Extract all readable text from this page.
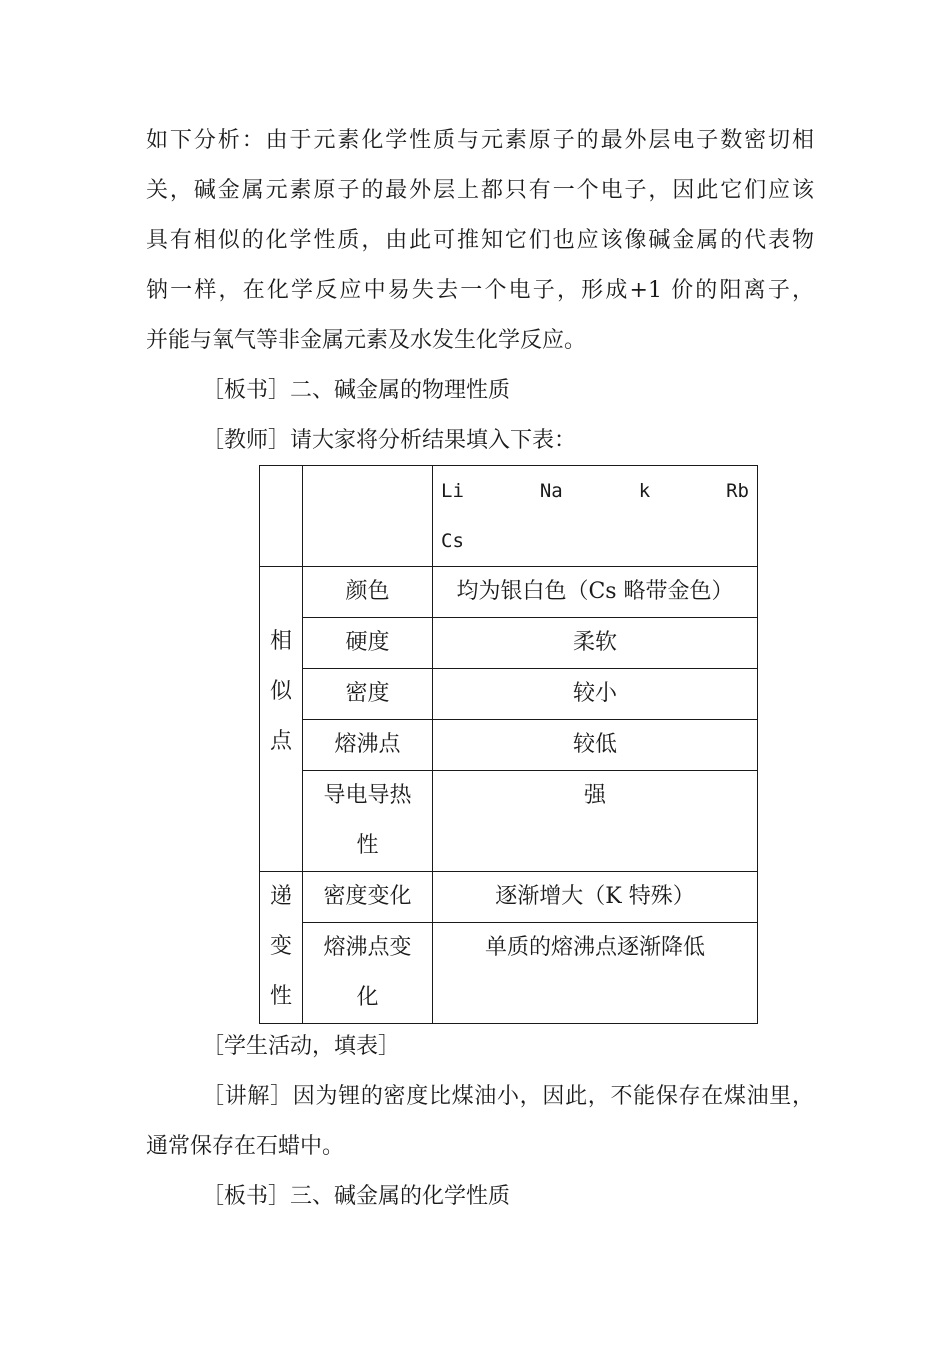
如下分析：由于元素化学性质与元素原子的最外层电子数密切相

关，碱金属元素原子的最外层上都只有一个电子，因此它们应该

具有相似的化学性质，由此可推知它们也应该像碱金属的代表物

钠一样，在化学反应中易失去一个电子，形成+1 价的阳离子，

并能与氧气等非金属元素及水发生化学反应。

［板书］二、碱金属的物理性质

［教师］请大家将分析结果填入下表：

		Li Na k Rb
Cs

相
似
点	颜色	均为银白色（Cs 略带金色）
	硬度	柔软
	密度	较小
	熔沸点	较低

	导电导热
性	强

递
变
性	密度变化	逐渐增大（K 特殊）

	熔沸点变
化	单质的熔沸点逐渐降低

［学生活动，填表］

［讲解］因为锂的密度比煤油小，因此，不能保存在煤油里，

通常保存在石蜡中。

［板书］三、碱金属的化学性质
